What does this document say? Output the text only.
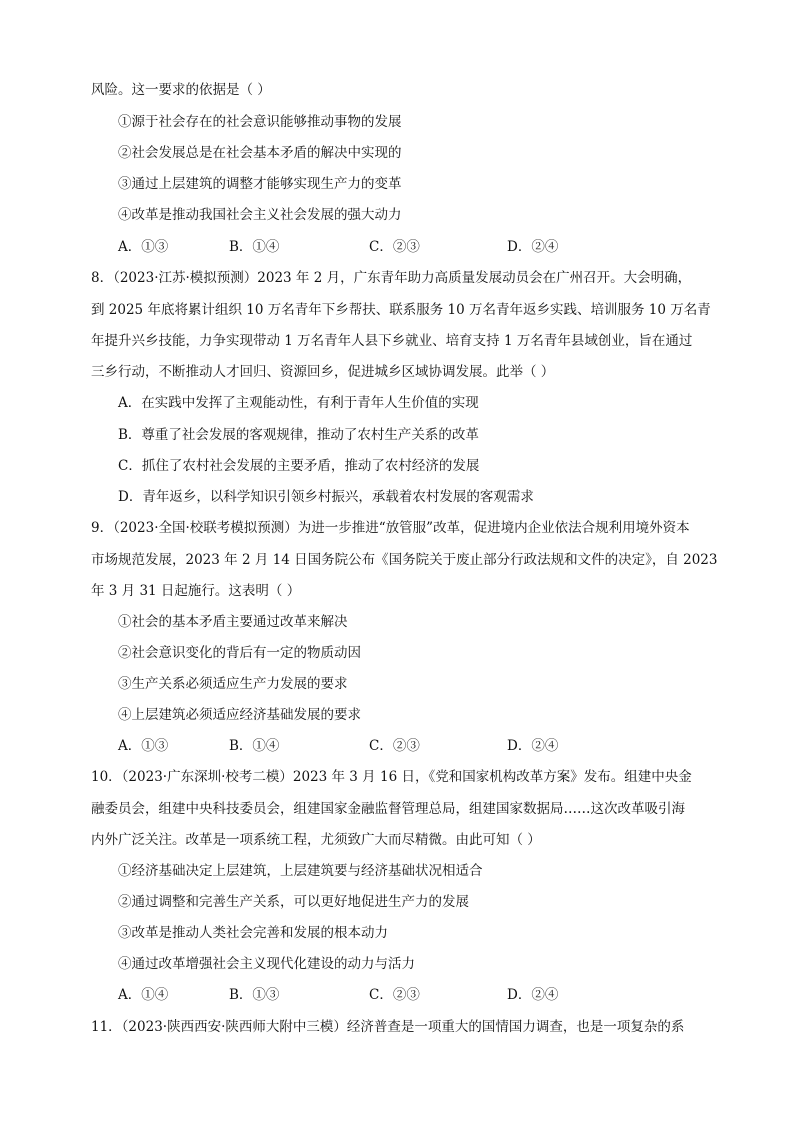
风险。这一要求的依据是（ ）
①源于社会存在的社会意识能够推动事物的发展
②社会发展总是在社会基本矛盾的解决中实现的
③通过上层建筑的调整才能够实现生产力的变革
④改革是推动我国社会主义社会发展的强大动力
A．①③	B．①④	C．②③	D．②④
8．（2023·江苏·模拟预测）2023 年 2 月，广东青年助力高质量发展动员会在广州召开。大会明确，
到 2025 年底将累计组织 10 万名青年下乡帮扶、联系服务 10 万名青年返乡实践、培训服务 10 万名青
年提升兴乡技能，力争实现带动 1 万名青年人县下乡就业、培育支持 1 万名青年县域创业，旨在通过
三乡行动，不断推动人才回归、资源回乡，促进城乡区域协调发展。此举（ ）
A．在实践中发挥了主观能动性，有利于青年人生价值的实现
B．尊重了社会发展的客观规律，推动了农村生产关系的改革
C．抓住了农村社会发展的主要矛盾，推动了农村经济的发展
D．青年返乡，以科学知识引领乡村振兴，承载着农村发展的客观需求
9．（2023·全国·校联考模拟预测）为进一步推进“放管服”改革，促进境内企业依法合规利用境外资本
市场规范发展，2023 年 2 月 14 日国务院公布《国务院关于废止部分行政法规和文件的决定》，自 2023
年 3 月 31 日起施行。这表明（ ）
①社会的基本矛盾主要通过改革来解决
②社会意识变化的背后有一定的物质动因
③生产关系必须适应生产力发展的要求
④上层建筑必须适应经济基础发展的要求
A．①③	B．①④	C．②③	D．②④
10．（2023·广东深圳·校考二模）2023 年 3 月 16 日，《党和国家机构改革方案》发布。组建中央金
融委员会，组建中央科技委员会，组建国家金融监督管理总局，组建国家数据局……这次改革吸引海
内外广泛关注。改革是一项系统工程，尤须致广大而尽精微。由此可知（ ）
①经济基础决定上层建筑，上层建筑要与经济基础状况相适合
②通过调整和完善生产关系，可以更好地促进生产力的发展
③改革是推动人类社会完善和发展的根本动力
④通过改革增强社会主义现代化建设的动力与活力
A．①④	B．①③	C．②③	D．②④
11．（2023·陕西西安·陕西师大附中三模）经济普查是一项重大的国情国力调查，也是一项复杂的系
